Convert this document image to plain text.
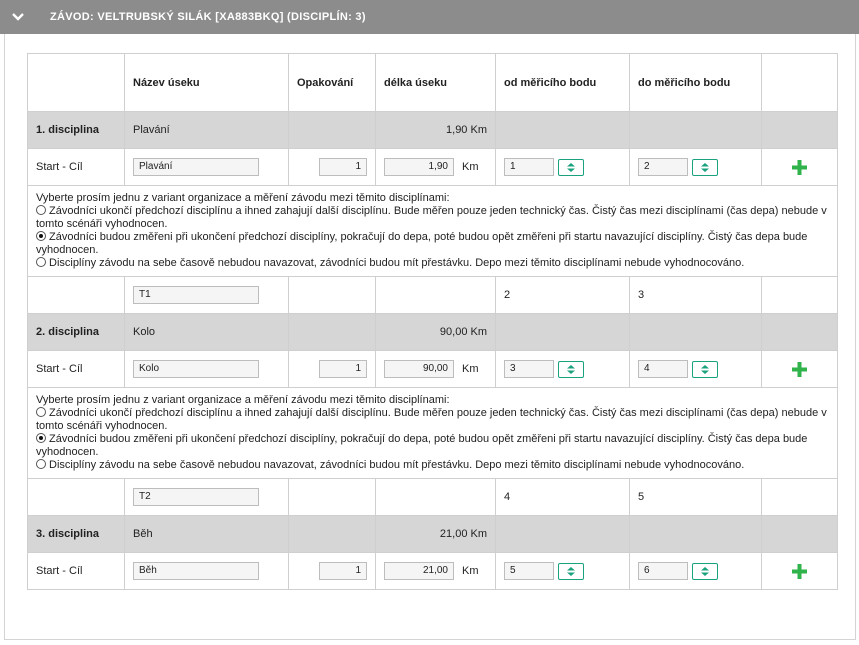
ZÁVOD: VELTRUBSKÝ SILÁK [XA883BKQ] (DISCIPLÍN: 3)
	Název úseku	Opakování	délka úseku	od měřicího bodu	do měřicího bodu	
1. disciplina	Plavání		1,90 Km			
Start - Cíl	Plavání	1	1,90 Km	1	2

Vyberte prosím jednu z variant organizace a měření závodu mezi těmito disciplínami:
Závodníci ukončí předchozí disciplínu a ihned zahajují další disciplínu. Bude měřen pouze jeden technický čas. Čistý čas mezi disciplínami (čas depa) nebude v tomto scénáři vyhodnocen.
Závodníci budou změřeni při ukončení předchozí disciplíny, pokračují do depa, poté budou opět změřeni při startu navazující disciplíny. Čistý čas depa bude vyhodnocen.
Disciplíny závodu na sebe časově nebudou navazovat, závodníci budou mít přestávku. Depo mezi těmito disciplínami nebude vyhodnocováno.						

	T1			2	3	
2. disciplina	Kolo		90,00 Km			
Start - Cíl	Kolo	1	90,00 Km	3	4

Vyberte prosím jednu z variant organizace a měření závodu mezi těmito disciplínami:
Závodníci ukončí předchozí disciplínu a ihned zahajují další disciplínu. Bude měřen pouze jeden technický čas. Čistý čas mezi disciplínami (čas depa) nebude v tomto scénáři vyhodnocen.
Závodníci budou změřeni při ukončení předchozí disciplíny, pokračují do depa, poté budou opět změřeni při startu navazující disciplíny. Čistý čas depa bude vyhodnocen.
Disciplíny závodu na sebe časově nebudou navazovat, závodníci budou mít přestávku. Depo mezi těmito disciplínami nebude vyhodnocováno.						

	T2			4	5	
3. disciplina	Běh		21,00 Km			
Start - Cíl	Běh	1	21,00 Km	5	6
